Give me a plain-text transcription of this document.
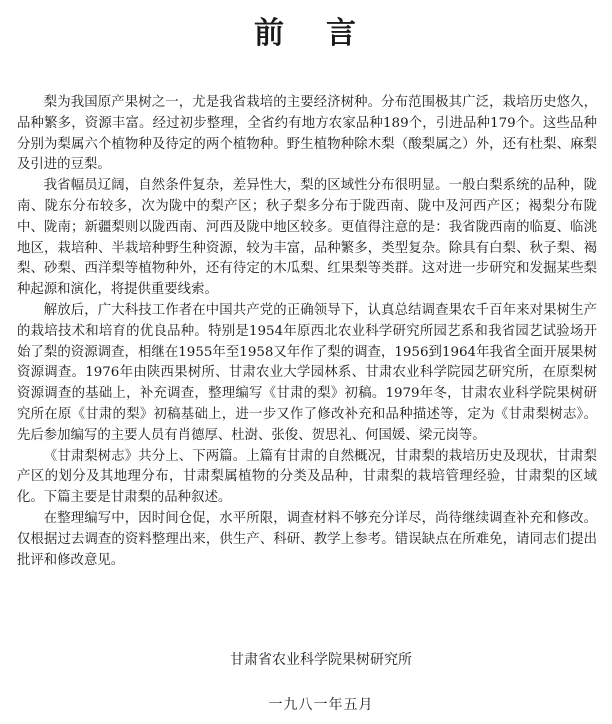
前言

梨为我国原产果树之一，尤是我省栽培的主要经济树种。分布范围极其广泛，栽培历史悠久，品种繁多，资源丰富。经过初步整理，全省约有地方农家品种189个，引进品种179个。这些品种分别为梨属六个植物种及待定的两个植物种。野生植物种除木梨（酸梨属之）外，还有杜梨、麻梨及引进的豆梨。

我省幅员辽阔，自然条件复杂，差异性大，梨的区域性分布很明显。一般白梨系统的品种，陇南、陇东分布较多，次为陇中的梨产区；秋子梨多分布于陇西南、陇中及河西产区；褐梨分布陇中、陇南；新疆梨则以陇西南、河西及陇中地区较多。更值得注意的是：我省陇西南的临夏、临洮地区，栽培种、半栽培种野生种资源，较为丰富，品种繁多，类型复杂。除具有白梨、秋子梨、褐梨、砂梨、西洋梨等植物种外，还有待定的木瓜梨、红果梨等类群。这对进一步研究和发掘某些梨种起源和演化，将提供重要线索。

解放后，广大科技工作者在中国共产党的正确领导下，认真总结调查果农千百年来对果树生产的栽培技术和培育的优良品种。特别是1954年原西北农业科学研究所园艺系和我省园艺试验场开始了梨的资源调查，相继在1955年至1958又年作了梨的调查，1956到1964年我省全面开展果树资源调查。1976年由陕西果树所、甘肃农业大学园林系、甘肃农业科学院园艺研究所，在原梨树资源调查的基础上，补充调查，整理编写《甘肃的梨》初稿。1979年冬，甘肃农业科学院果树研究所在原《甘肃的梨》初稿基础上，进一步又作了修改补充和品种描述等，定为《甘肃梨树志》。先后参加编写的主要人员有肖德厚、杜澍、张俊、贺思礼、何国媛、梁元岗等。

《甘肃梨树志》共分上、下两篇。上篇有甘肃的自然概况，甘肃梨的栽培历史及现状，甘肃梨产区的划分及其地理分布，甘肃梨属植物的分类及品种，甘肃梨的栽培管理经验，甘肃梨的区域化。下篇主要是甘肃梨的品种叙述。

在整理编写中，因时间仓促，水平所限，调查材料不够充分详尽，尚待继续调查补充和修改。仅根据过去调查的资料整理出来，供生产、科研、教学上参考。错误缺点在所难免，请同志们提出批评和修改意见。

甘肃省农业科学院果树研究所
一九八一年五月
